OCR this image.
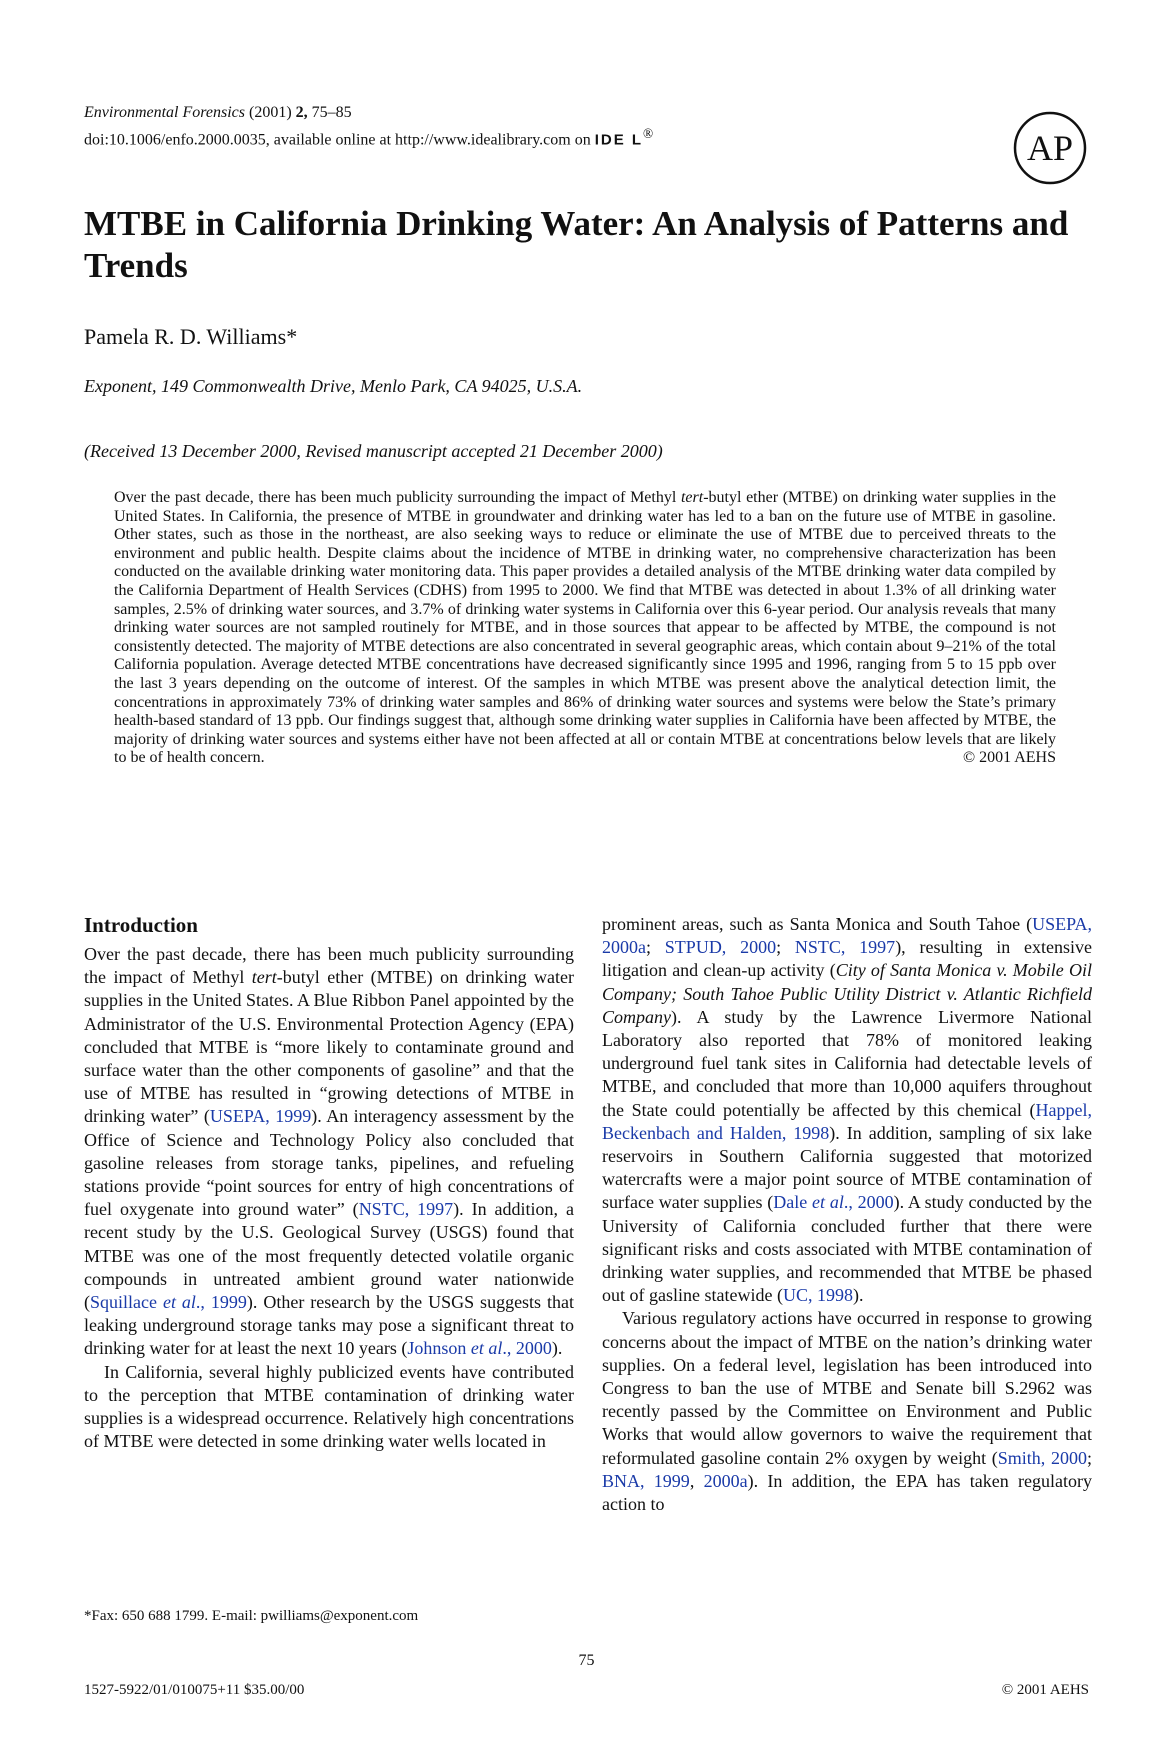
Environmental Forensics (2001) 2, 75–85
doi:10.1006/enfo.2000.0035, available online at http://www.idealibrary.com on IDE L®	AP
MTBE in California Drinking Water: An Analysis of Patterns and Trends
Pamela R. D. Williams*
Exponent, 149 Commonwealth Drive, Menlo Park, CA 94025, U.S.A.
(Received 13 December 2000, Revised manuscript accepted 21 December 2000)

Over the past decade, there has been much publicity surrounding the impact of Methyl tert-butyl ether (MTBE) on drinking water supplies in the United States. In California, the presence of MTBE in groundwater and drinking water has led to a ban on the future use of MTBE in gasoline. Other states, such as those in the northeast, are also seeking ways to reduce or eliminate the use of MTBE due to perceived threats to the environment and public health. Despite claims about the incidence of MTBE in drinking water, no comprehensive characterization has been conducted on the available drinking water monitoring data. This paper provides a detailed analysis of the MTBE drinking water data compiled by the California Department of Health Services (CDHS) from 1995 to 2000. We find that MTBE was detected in about 1.3% of all drinking water samples, 2.5% of drinking water sources, and 3.7% of drinking water systems in California over this 6-year period. Our analysis reveals that many drinking water sources are not sampled routinely for MTBE, and in those sources that appear to be affected by MTBE, the compound is not consistently detected. The majority of MTBE detections are also concentrated in several geographic areas, which contain about 9–21% of the total California population. Average detected MTBE concentrations have decreased significantly since 1995 and 1996, ranging from 5 to 15 ppb over the last 3 years depending on the outcome of interest. Of the samples in which MTBE was present above the analytical detection limit, the concentrations in approximately 73% of drinking water samples and 86% of drinking water sources and systems were below the State’s primary health-based standard of 13 ppb. Our findings suggest that, although some drinking water supplies in California have been affected by MTBE, the majority of drinking water sources and systems either have not been affected at all or contain MTBE at concentrations below levels that are likely to be of health concern.	© 2001 AEHS

Introduction

Over the past decade, there has been much publicity surrounding the impact of Methyl tert-butyl ether (MTBE) on drinking water supplies in the United States. A Blue Ribbon Panel appointed by the Administrator of the U.S. Environmental Protection Agency (EPA) concluded that MTBE is “more likely to contaminate ground and surface water than the other components of gasoline” and that the use of MTBE has resulted in “growing detections of MTBE in drinking water” (USEPA, 1999). An interagency assessment by the Office of Science and Technology Policy also concluded that gasoline releases from storage tanks, pipelines, and refueling stations provide “point sources for entry of high concentrations of fuel oxygenate into ground water” (NSTC, 1997). In addition, a recent study by the U.S. Geological Survey (USGS) found that MTBE was one of the most frequently detected volatile organic compounds in untreated ambient ground water nationwide (Squillace et al., 1999). Other research by the USGS suggests that leaking underground storage tanks may pose a significant threat to drinking water for at least the next 10 years (Johnson et al., 2000).

In California, several highly publicized events have contributed to the perception that MTBE contamination of drinking water supplies is a widespread occurrence. Relatively high concentrations of MTBE were detected in some drinking water wells located in

prominent areas, such as Santa Monica and South Tahoe (USEPA, 2000a; STPUD, 2000; NSTC, 1997), resulting in extensive litigation and clean-up activity (City of Santa Monica v. Mobile Oil Company; South Tahoe Public Utility District v. Atlantic Richfield Company). A study by the Lawrence Livermore National Laboratory also reported that 78% of monitored leaking underground fuel tank sites in California had detectable levels of MTBE, and concluded that more than 10,000 aquifers throughout the State could potentially be affected by this chemical (Happel, Beckenbach and Halden, 1998). In addition, sampling of six lake reservoirs in Southern California suggested that motorized watercrafts were a major point source of MTBE contamination of surface water supplies (Dale et al., 2000). A study conducted by the University of California concluded further that there were significant risks and costs associated with MTBE contamination of drinking water supplies, and recommended that MTBE be phased out of gasline statewide (UC, 1998).

Various regulatory actions have occurred in response to growing concerns about the impact of MTBE on the nation’s drinking water supplies. On a federal level, legislation has been introduced into Congress to ban the use of MTBE and Senate bill S.2962 was recently passed by the Committee on Environment and Public Works that would allow governors to waive the requirement that reformulated gasoline contain 2% oxygen by weight (Smith, 2000; BNA, 1999, 2000a). In addition, the EPA has taken regulatory action to

*Fax: 650 688 1799. E-mail: pwilliams@exponent.com
75
1527-5922/01/010075+11 $35.00/00	© 2001 AEHS
